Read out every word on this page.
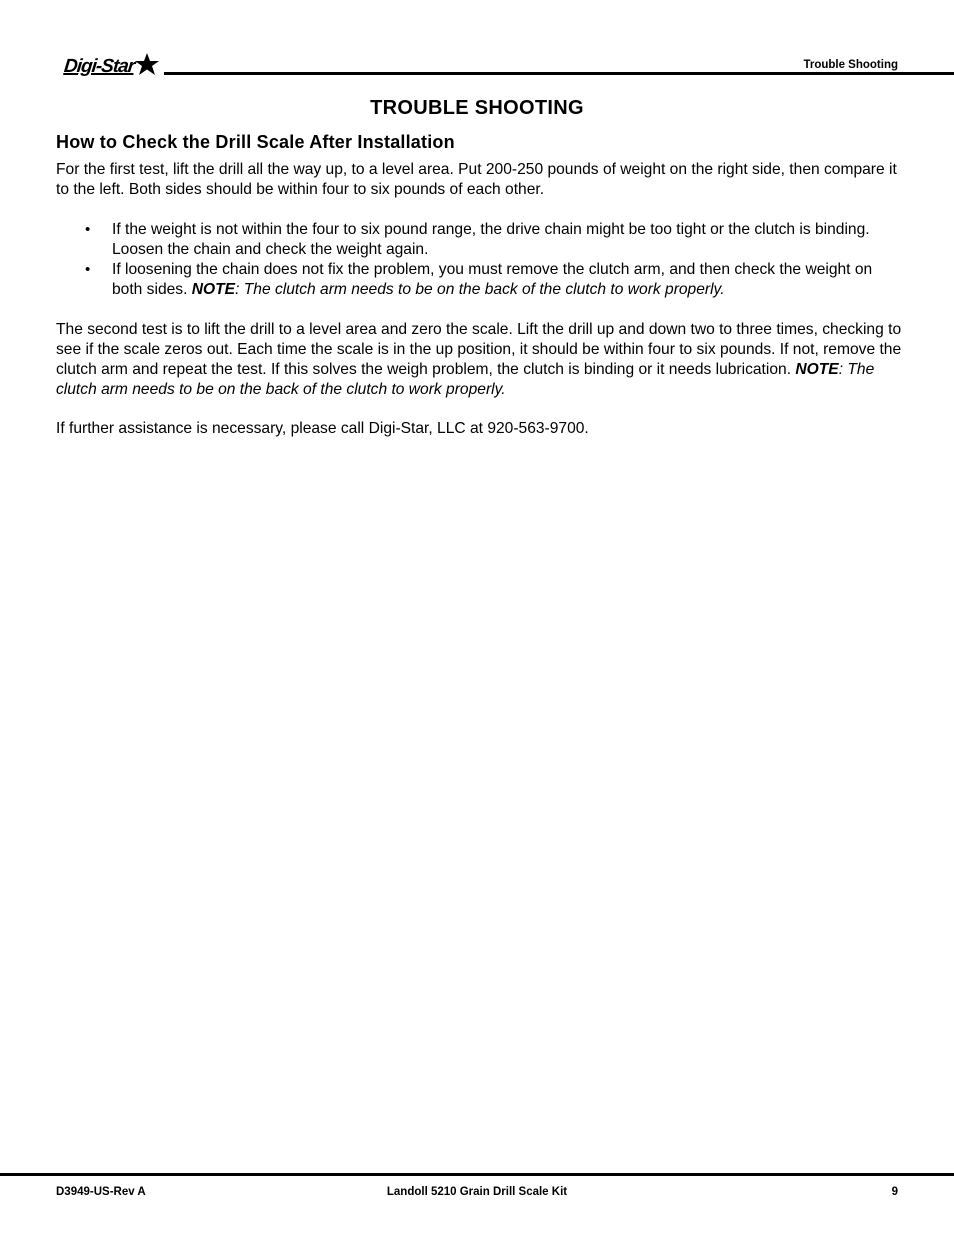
Digi-Star	Trouble Shooting
TROUBLE SHOOTING
How to Check the Drill Scale After Installation
For the first test, lift the drill all the way up, to a level area. Put 200-250 pounds of weight on the right side, then compare it to the left. Both sides should be within four to six pounds of each other.
• If the weight is not within the four to six pound range, the drive chain might be too tight or the clutch is binding. Loosen the chain and check the weight again.
• If loosening the chain does not fix the problem, you must remove the clutch arm, and then check the weight on both sides. NOTE: The clutch arm needs to be on the back of the clutch to work properly.
The second test is to lift the drill to a level area and zero the scale. Lift the drill up and down two to three times, checking to see if the scale zeros out. Each time the scale is in the up position, it should be within four to six pounds. If not, remove the clutch arm and repeat the test. If this solves the weigh problem, the clutch is binding or it needs lubrication. NOTE: The clutch arm needs to be on the back of the clutch to work properly.
If further assistance is necessary, please call Digi-Star, LLC at 920-563-9700.
D3949-US-Rev A	Landoll 5210 Grain Drill Scale Kit	9
